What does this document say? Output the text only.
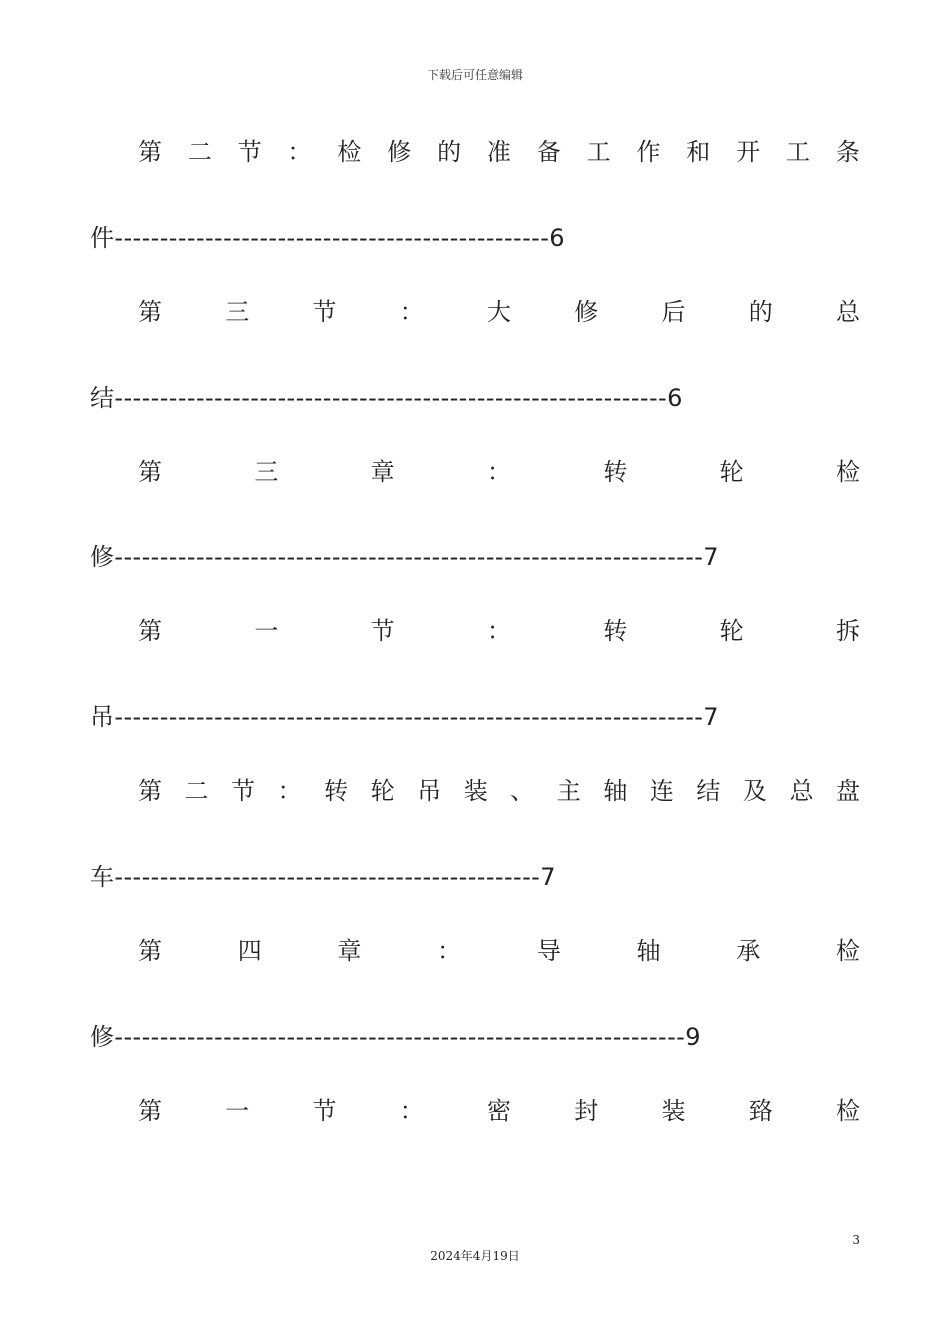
下载后可任意编辑
第 二 节 ： 检 修 的 准 备 工 作 和 开 工 条
件------------------------------------------------6
第	三	节	：	大	修	后	的	总
结-------------------------------------------------------------6
第	三	章	：	转	轮	检
修-----------------------------------------------------------------7
第	一	节	：	转	轮	拆
吊-----------------------------------------------------------------7
第 二 节 ： 转 轮 吊 装 、 主 轴 连 结 及 总 盘
车-----------------------------------------------7
第	四	章	：	导	轴	承	检
修---------------------------------------------------------------9
第	一	节	：	密	封	装	臵	检
3
2024年4月19日
